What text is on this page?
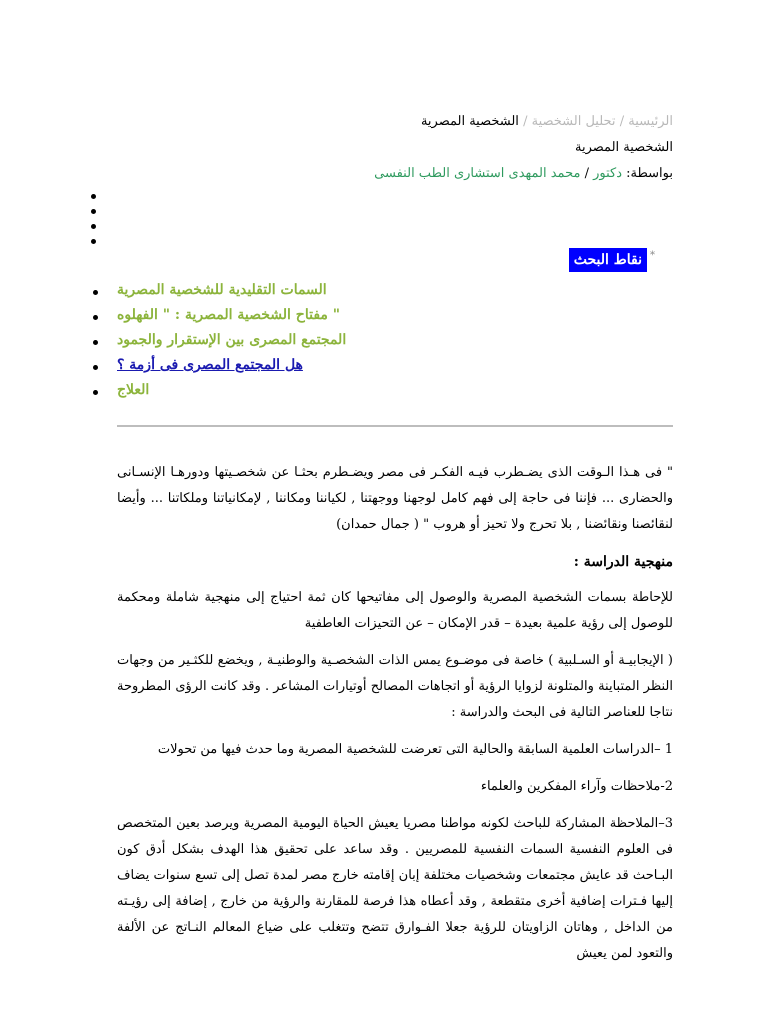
الرئيسية / تحليل الشخصية / الشخصية المصرية
الشخصية المصرية
بواسطة: دكتور / محمد المهدى استشارى الطب النفسى
نقاط البحث *
السمات التقليدية للشخصية المصرية
" مفتاح الشخصية المصرية : " الفهلوه
المجتمع المصرى بين الإستقرار والجمود
هل المجتمع المصرى فى أزمة ؟
العلاج

" فى هـذا الـوقت الذى يضـطرب فيـه الفكـر فى مصر ويضـطرم بحثـا عن شخصـيتها ودورهـا الإنسـانى والحضارى ... فإننا فى حاجة إلى فهم كامل لوجهنا ووجهتنا , لكياننا ومكاننا , لإمكانياتنا وملكاتنا ... وأيضا لنقائصنا ونقائضنا , بلا تحرج ولا تحيز أو هروب " ( جمال حمدان)

منهجية الدراسة :

للإحاطة بسمات الشخصية المصرية والوصول إلى مفاتيحها كان ثمة احتياج إلى منهجية شاملة ومحكمة للوصول إلى رؤية علمية بعيدة – قدر الإمكان – عن التحيزات العاطفية

( الإيجابيـة أو السـلبية ) خاصة فى موضـوع يمس الذات الشخصـية والوطنيـة , ويخضع للكثـير من وجهات النظر المتباينة والمتلونة لزوايا الرؤية أو اتجاهات المصالح أوتيارات المشاعر . وقد كانت الرؤى المطروحة نتاجا للعناصر التالية فى البحث والدراسة :

1 –الدراسات العلمية السابقة والحالية التى تعرضت للشخصية المصرية وما حدث فيها من تحولات

2-ملاحظات وآراء المفكرين والعلماء

3–الملاحظة المشاركة للباحث لكونه مواطنا مصريا يعيش الحياة اليومية المصرية ويرصد بعين المتخصص فى العلوم النفسية السمات النفسية للمصريين . وقد ساعد على تحقيق هذا الهدف بشكل أدق كون البـاحث قد عايش مجتمعات وشخصيات مختلفة إبان إقامته خارج مصر لمدة تصل إلى تسع سنوات يضاف إليها فـترات إضافية أخرى متقطعة , وقد أعطاه هذا فرصة للمقارنة والرؤية من خارج , إضافة إلى رؤيـته من الداخل , وهاتان الزاويتان للرؤية جعلا الفـوارق تتضح وتتغلب على ضياع المعالم النـاتج عن الألفة والتعود لمن يعيش
